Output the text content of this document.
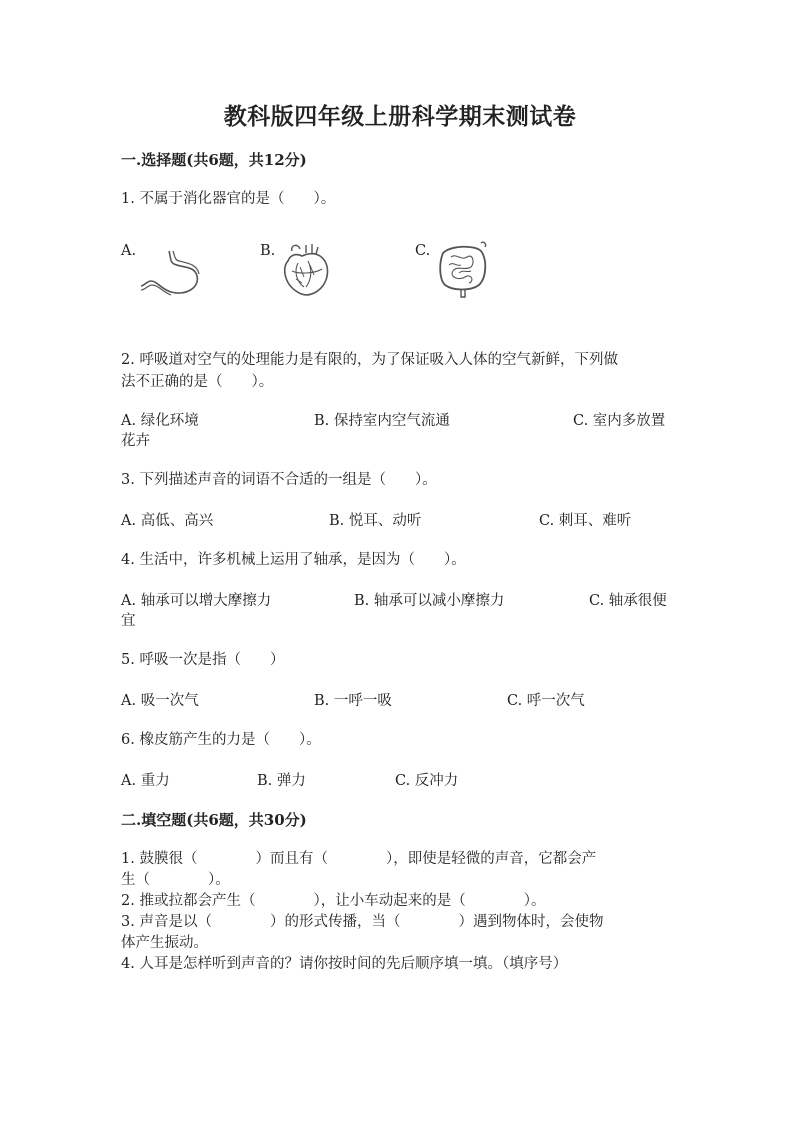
教科版四年级上册科学期末测试卷
一.选择题(共6题，共12分)
1. 不属于消化器官的是（　　）。
A.	B.	C.
2. 呼吸道对空气的处理能力是有限的，为了保证吸入人体的空气新鲜，下列做
法不正确的是（　　）。
A. 绿化环境	B. 保持室内空气流通	C. 室内多放置
花卉
3. 下列描述声音的词语不合适的一组是（　　）。
A. 高低、高兴	B. 悦耳、动听	C. 刺耳、难听
4. 生活中，许多机械上运用了轴承，是因为（　　）。
A. 轴承可以增大摩擦力	B. 轴承可以减小摩擦力	C. 轴承很便
宜
5. 呼吸一次是指（　　）
A. 吸一次气	B. 一呼一吸	C. 呼一次气
6. 橡皮筋产生的力是（　　）。
A. 重力	B. 弹力	C. 反冲力
二.填空题(共6题，共30分)
1. 鼓膜很（　　　　）而且有（　　　　），即使是轻微的声音，它都会产
生（　　　　）。
2. 推或拉都会产生（　　　　），让小车动起来的是（　　　　）。
3. 声音是以（　　　　）的形式传播，当（　　　　）遇到物体时，会使物
体产生振动。
4. 人耳是怎样听到声音的？请你按时间的先后顺序填一填。（填序号）
